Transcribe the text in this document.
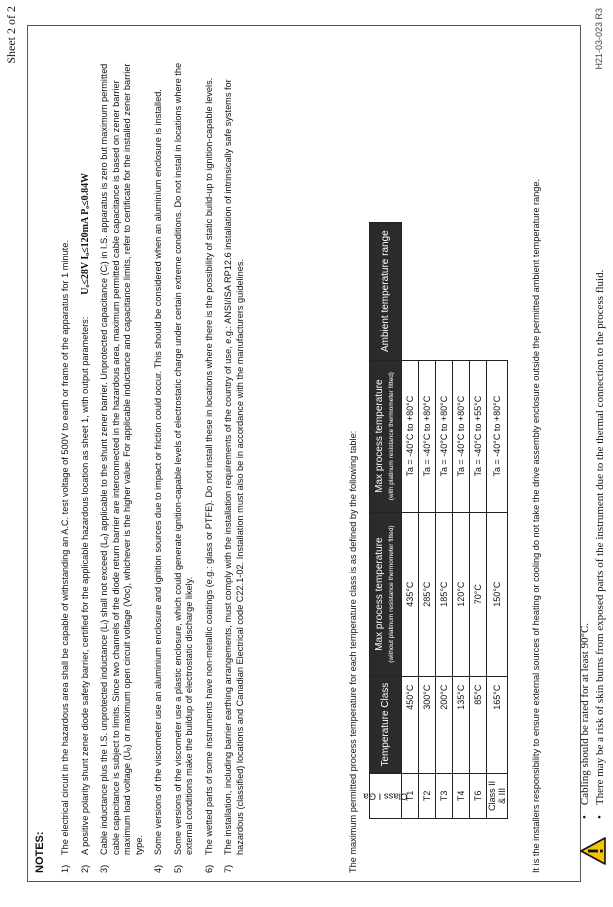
Sheet 2 of 2	H21-03-023 R3
NOTES: 1)
The electrical circuit in the hazardous area shall be capable of withstanding an A.C. test voltage of 500V to earth or frame of the apparatus for 1 minute.
2)
A positive polarity shunt zener diode safety barrier, certified for the applicable hazardous location as sheet 1, with output parameters:Uₒ≤28V Iₒ≤120mA Pₒ≤0.84W
3)
Cable inductance plus the I.S. unprotected inductance (Lᵢ) shall not exceed (Lₒ) applicable to the shunt zener barrier. Unprotected capacitance (Cᵢ) in I.S. apparatus is zero but maximum permitted cable capacitance is subject to limits. Since two channels of the diode return barrier are interconnected in the hazardous area, maximum permitted cable capacitance is based on zener barrier maximum load voltage (Uₒ) or maximum open circuit voltage (Voc), whichever is the higher value. For applicable inductance and capacitance limits, refer to certificate for the installed zener barrier type.
4)
Some versions of the viscometer use an aluminium enclosure and ignition sources due to impact or friction could occur. This should be considered when an aluminium enclosure is installed.
5)
Some versions of the viscometer use a plastic enclosure, which could generate ignition-capable levels of electrostatic charge under certain extreme conditions. Do not install in locations where the external conditions make the buildup of electrostatic discharge likely.
6)
The wetted parts of some instruments have non-metallic coatings (e.g.: glass or PTFE). Do not install these in locations where there is the possibility of static build-up to ignition-capable levels.
7)
The installation, including barrier earthing arrangements, must comply with the installation requirements of the country of use, e.g.: ANSI/ISA RP12.6 installation of intrinsically safe systems for hazardous (classified) locations and Canadian Electrical code C22.1-02. Installation must also be in accordance with the manufacturers guidelines.	The maximum permitted process temperature for each temperature class is as defined by the following table: Class I Ga	Temperature Class	Max process temperature (without platinum resistance thermometer fitted)	Max process temperature (with platinum resistance thermometer fitted)	Ambient temperature range
T1	450°C	435°C	Ta = -40°C to +80°C	
T2	300°C	285°C	Ta = -40°C to +80°C	
T3	200°C	185°C	Ta = -40°C to +80°C	
T4	135°C	120°C	Ta = -40°C to +80°C	
T6	85°C	70°C	Ta = -40°C to +55°C	
Class II & III	165°C	150°C	Ta = -40°C to +80°C		It is the installers responsibility to ensure external sources of heating or cooling do not take the drive assembly enclosure outside the permitted ambient temperature range.	• Cabling should be rated for at least 90°C. • There may be a risk of skin burns from exposed parts of the instrument due to the thermal connection to the process fluid.
